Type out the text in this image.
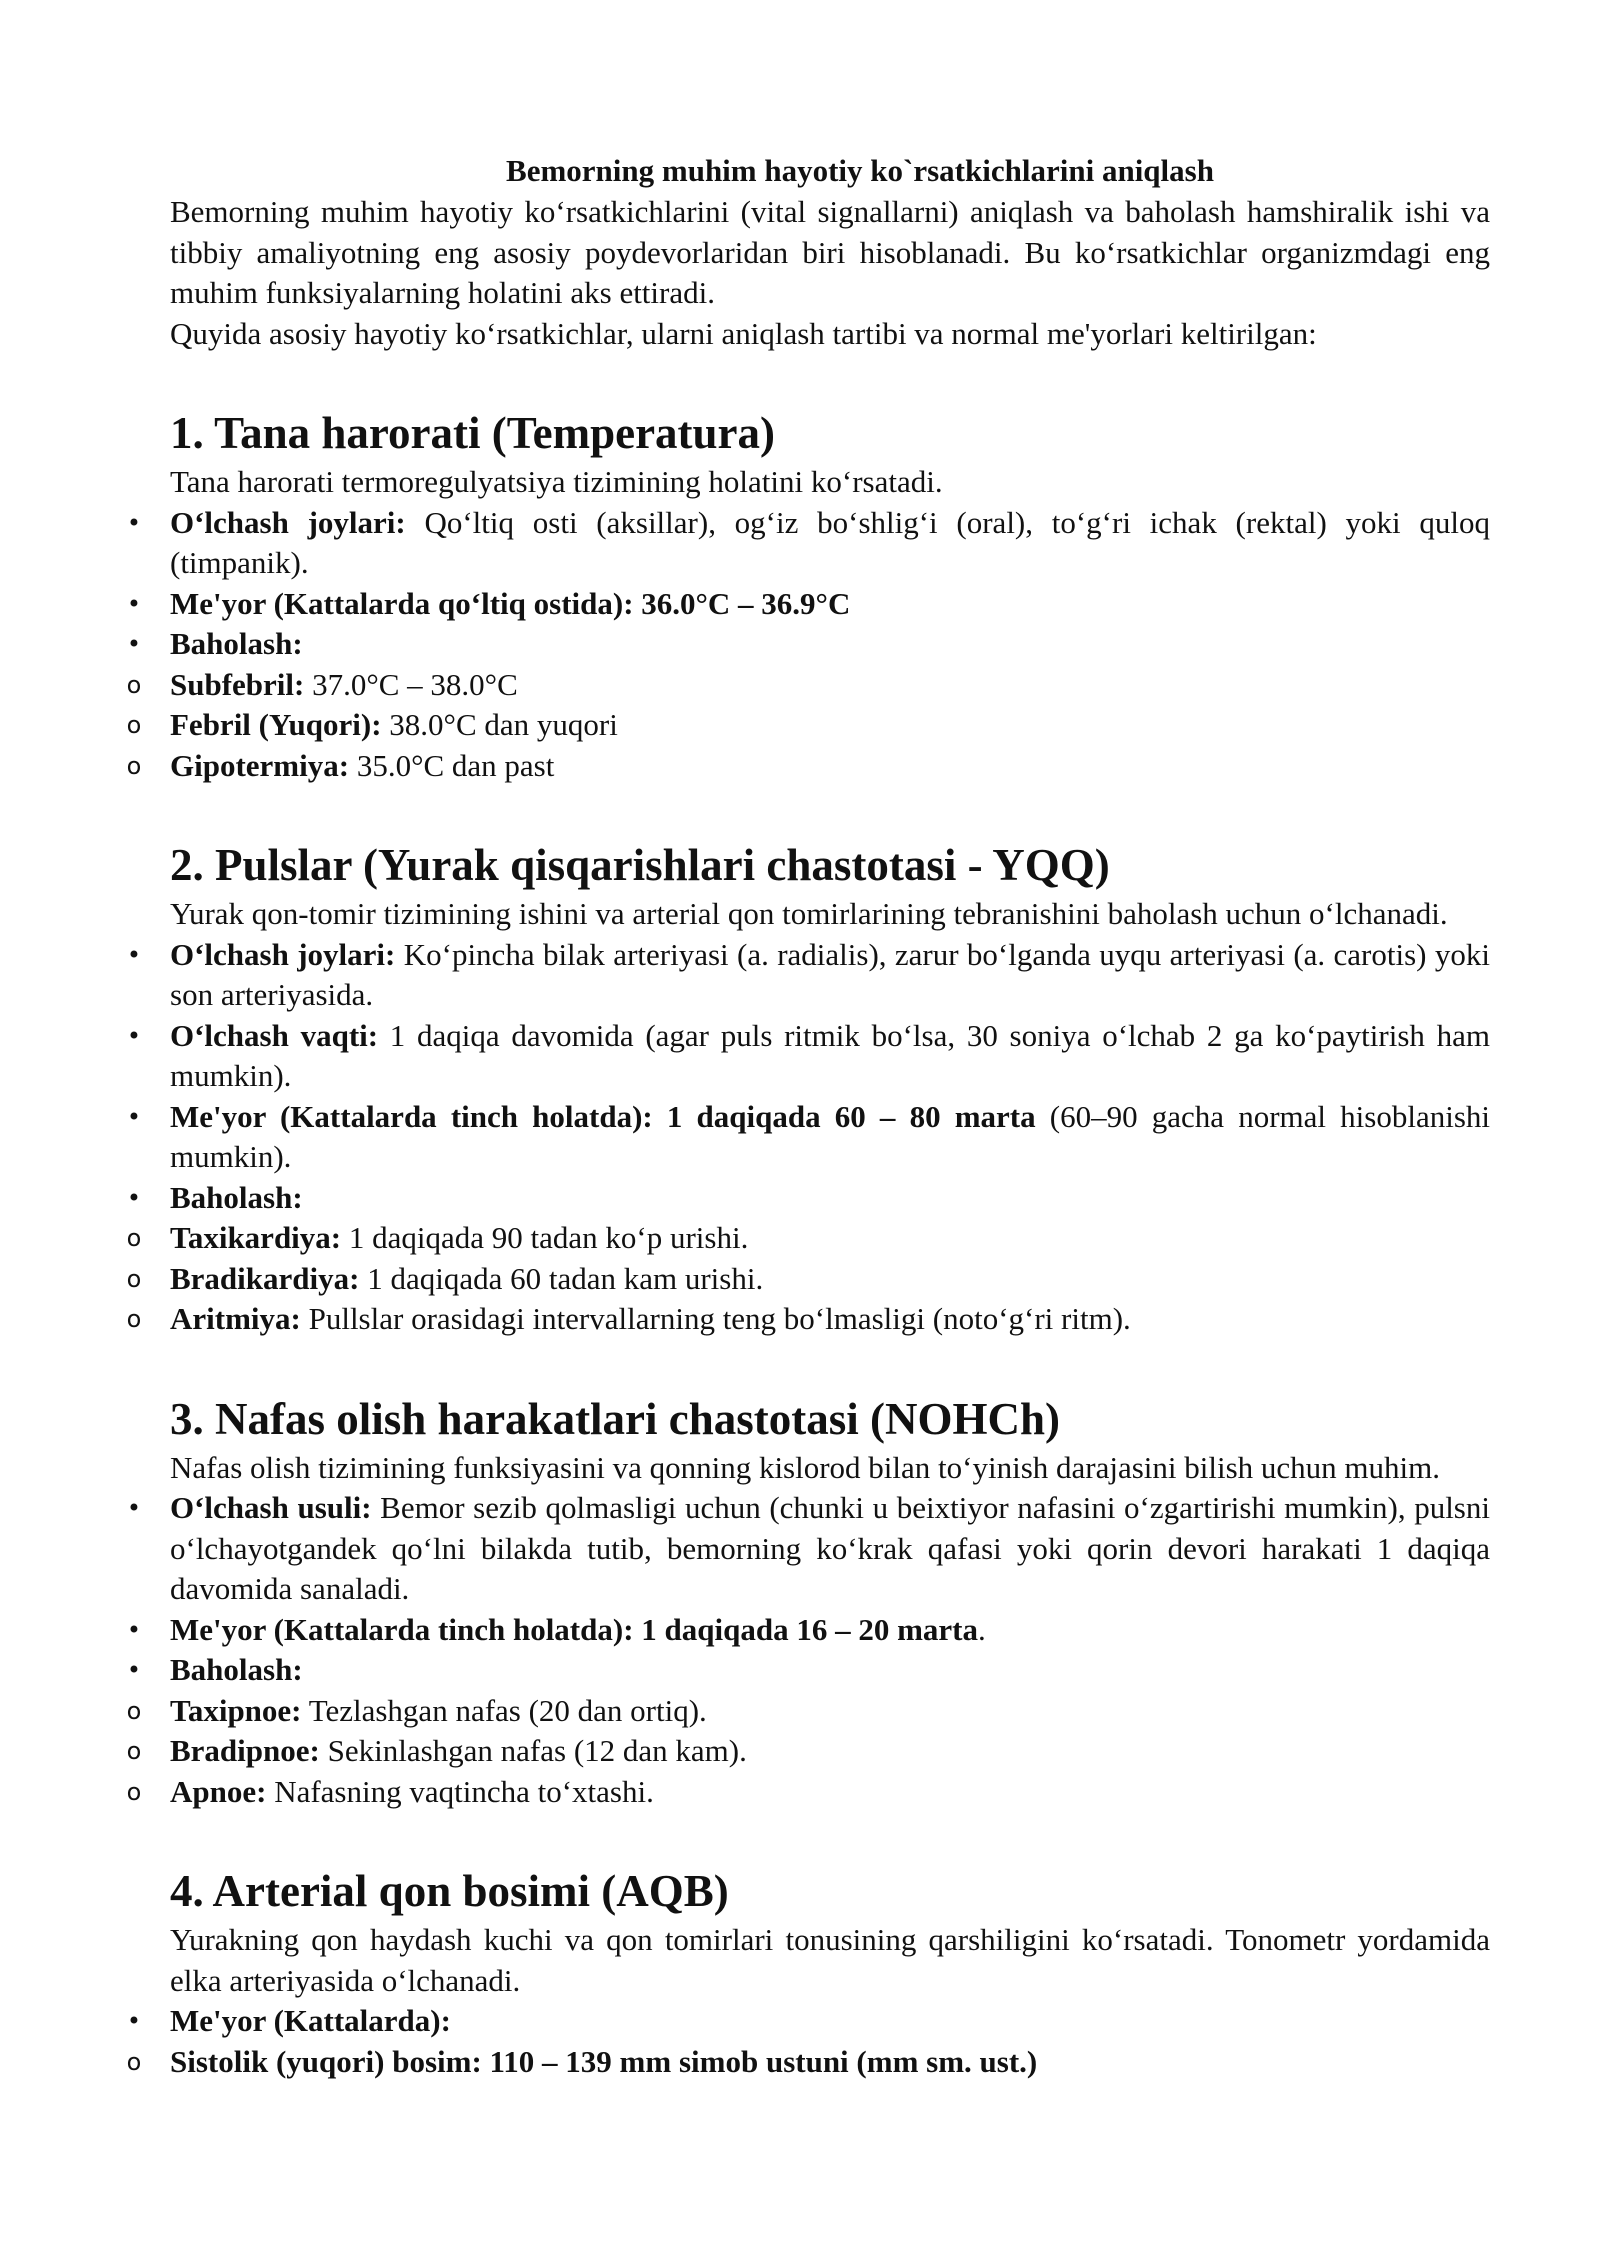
Bemorning muhim hayotiy ko`rsatkichlarini aniqlash

Bemorning muhim hayotiy ko‘rsatkichlarini (vital signallarni) aniqlash va baholash hamshiralik ishi va tibbiy amaliyotning eng asosiy poydevorlaridan biri hisoblanadi. Bu ko‘rsatkichlar organizmdagi eng muhim funksiyalarning holatini aks ettiradi.

Quyida asosiy hayotiy ko‘rsatkichlar, ularni aniqlash tartibi va normal me'yorlari keltirilgan:

1. Tana harorati (Temperatura)

Tana harorati termoregulyatsiya tizimining holatini ko‘rsatadi.

• O‘lchash joylari: Qo‘ltiq osti (aksillar), og‘iz bo‘shlig‘i (oral), to‘g‘ri ichak (rektal) yoki quloq (timpanik).
• Me'yor (Kattalarda qo‘ltiq ostida): 36.0°C – 36.9°C
• Baholash:
o Subfebril: 37.0°C – 38.0°C
o Febril (Yuqori): 38.0°C dan yuqori
o Gipotermiya: 35.0°C dan past
2. Pulslar (Yurak qisqarishlari chastotasi - YQQ)

Yurak qon-tomir tizimining ishini va arterial qon tomirlarining tebranishini baholash uchun o‘lchanadi.

• O‘lchash joylari: Ko‘pincha bilak arteriyasi (a. radialis), zarur bo‘lganda uyqu arteriyasi (a. carotis) yoki son arteriyasida.
• O‘lchash vaqti: 1 daqiqa davomida (agar puls ritmik bo‘lsa, 30 soniya o‘lchab 2 ga ko‘paytirish ham mumkin).
• Me'yor (Kattalarda tinch holatda): 1 daqiqada 60 – 80 marta (60–90 gacha normal hisoblanishi mumkin).
• Baholash:
o Taxikardiya: 1 daqiqada 90 tadan ko‘p urishi.
o Bradikardiya: 1 daqiqada 60 tadan kam urishi.
o Aritmiya: Pullslar orasidagi intervallarning teng bo‘lmasligi (noto‘g‘ri ritm).
3. Nafas olish harakatlari chastotasi (NOHCh)

Nafas olish tizimining funksiyasini va qonning kislorod bilan to‘yinish darajasini bilish uchun muhim.

• O‘lchash usuli: Bemor sezib qolmasligi uchun (chunki u beixtiyor nafasini o‘zgartirishi mumkin), pulsni o‘lchayotgandek qo‘lni bilakda tutib, bemorning ko‘krak qafasi yoki qorin devori harakati 1 daqiqa davomida sanaladi.
• Me'yor (Kattalarda tinch holatda): 1 daqiqada 16 – 20 marta.
• Baholash:
o Taxipnoe: Tezlashgan nafas (20 dan ortiq).
o Bradipnoe: Sekinlashgan nafas (12 dan kam).
o Apnoe: Nafasning vaqtincha to‘xtashi.
4. Arterial qon bosimi (AQB)

Yurakning qon haydash kuchi va qon tomirlari tonusining qarshiligini ko‘rsatadi. Tonometr yordamida elka arteriyasida o‘lchanadi.

• Me'yor (Kattalarda):
o Sistolik (yuqori) bosim: 110 – 139 mm simob ustuni (mm sm. ust.)
